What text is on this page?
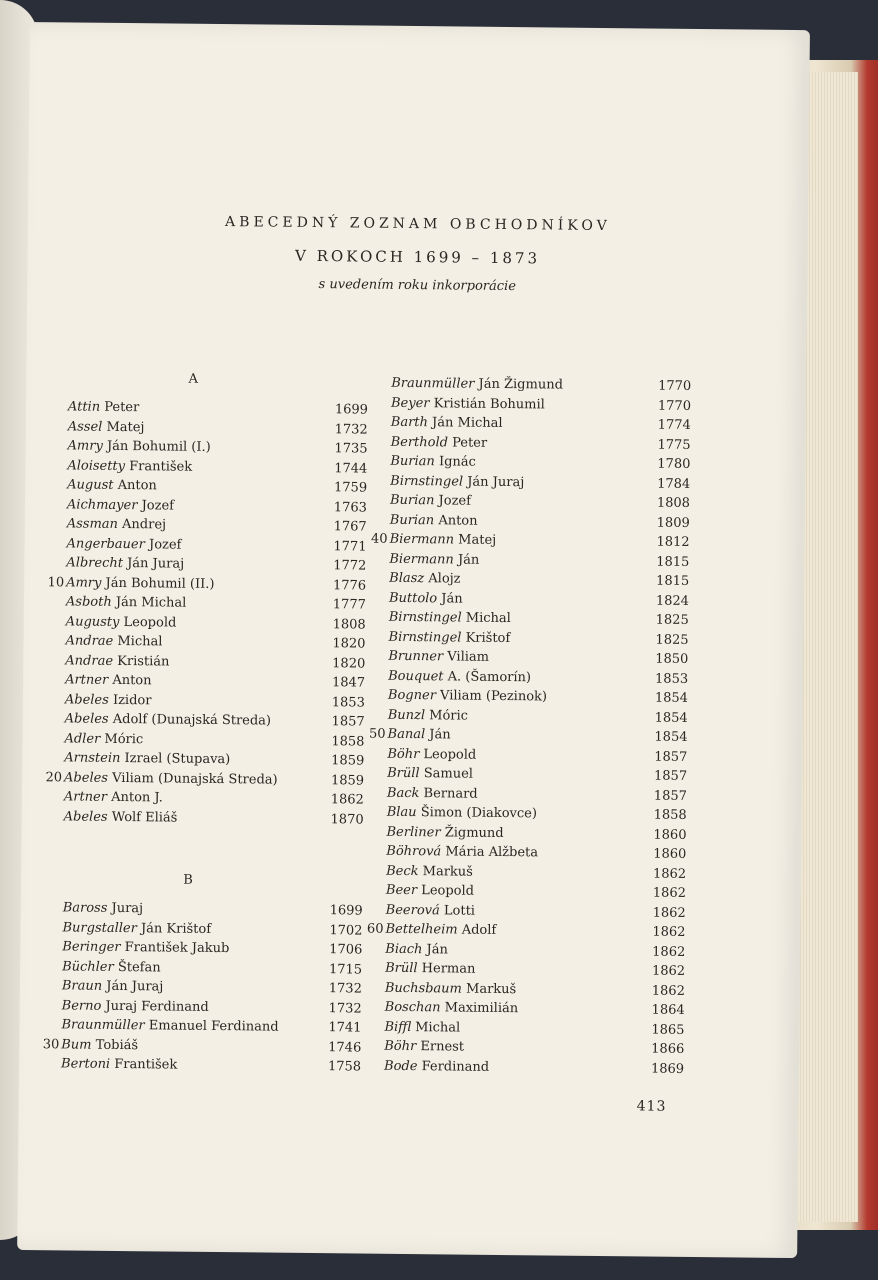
ABECEDNÝ ZOZNAM OBCHODNÍKOV
V ROKOCH 1699 – 1873
s uvedením roku inkorporácie
A
Attin Peter	1699
Assel Matej	1732
Amry Ján Bohumil (I.)	1735
Aloisetty František	1744
August Anton	1759
Aichmayer Jozef	1763
Assman Andrej	1767
Angerbauer Jozef	1771
Albrecht Ján Juraj	1772
10 Amry Ján Bohumil (II.)	1776
Asboth Ján Michal	1777
Augusty Leopold	1808
Andrae Michal	1820
Andrae Kristián	1820
Artner Anton	1847
Abeles Izidor	1853
Abeles Adolf (Dunajská Streda)	1857
Adler Móric	1858
Arnstein Izrael (Stupava)	1859
20 Abeles Viliam (Dunajská Streda)	1859
Artner Anton J.	1862
Abeles Wolf Eliáš	1870
B
Baross Juraj	1699
Burgstaller Ján Krištof	1702
Beringer František Jakub	1706
Büchler Štefan	1715
Braun Ján Juraj	1732
Berno Juraj Ferdinand	1732
Braunmüller Emanuel Ferdinand	1741
30 Bum Tobiáš	1746
Bertoni František	1758
Braunmüller Ján Žigmund	1770
Beyer Kristián Bohumil	1770
Barth Ján Michal	1774
Berthold Peter	1775
Burian Ignác	1780
Birnstingel Ján Juraj	1784
Burian Jozef	1808
Burian Anton	1809
40 Biermann Matej	1812
Biermann Ján	1815
Blasz Alojz	1815
Buttolo Ján	1824
Birnstingel Michal	1825
Birnstingel Krištof	1825
Brunner Viliam	1850
Bouquet A. (Šamorín)	1853
Bogner Viliam (Pezinok)	1854
Bunzl Móric	1854
50 Banal Ján	1854
Böhr Leopold	1857
Brüll Samuel	1857
Back Bernard	1857
Blau Šimon (Diakovce)	1858
Berliner Žigmund	1860
Böhrová Mária Alžbeta	1860
Beck Markuš	1862
Beer Leopold	1862
Beerová Lotti	1862
60 Bettelheim Adolf	1862
Biach Ján	1862
Brüll Herman	1862
Buchsbaum Markuš	1862
Boschan Maximilián	1864
Biffl Michal	1865
Böhr Ernest	1866
Bode Ferdinand	1869
413
